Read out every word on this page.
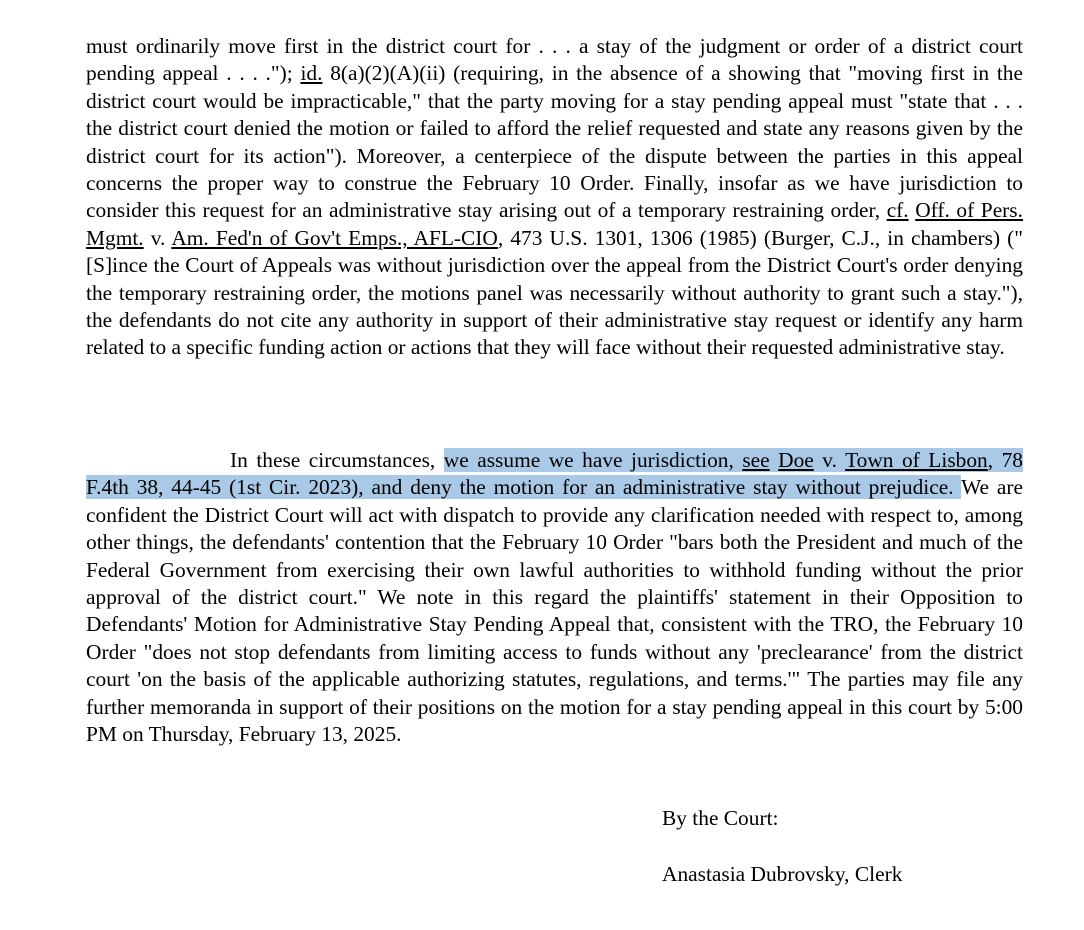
must ordinarily move first in the district court for . . . a stay of the judgment or order of a district court pending appeal . . . ."); id. 8(a)(2)(A)(ii) (requiring, in the absence of a showing that "moving first in the district court would be impracticable," that the party moving for a stay pending appeal must "state that . . . the district court denied the motion or failed to afford the relief requested and state any reasons given by the district court for its action"). Moreover, a centerpiece of the dispute between the parties in this appeal concerns the proper way to construe the February 10 Order. Finally, insofar as we have jurisdiction to consider this request for an administrative stay arising out of a temporary restraining order, cf. Off. of Pers. Mgmt. v. Am. Fed'n of Gov't Emps., AFL-CIO, 473 U.S. 1301, 1306 (1985) (Burger, C.J., in chambers) ("[S]ince the Court of Appeals was without jurisdiction over the appeal from the District Court's order denying the temporary restraining order, the motions panel was necessarily without authority to grant such a stay."), the defendants do not cite any authority in support of their administrative stay request or identify any harm related to a specific funding action or actions that they will face without their requested administrative stay.
In these circumstances, we assume we have jurisdiction, see Doe v. Town of Lisbon, 78 F.4th 38, 44-45 (1st Cir. 2023), and deny the motion for an administrative stay without prejudice. We are confident the District Court will act with dispatch to provide any clarification needed with respect to, among other things, the defendants' contention that the February 10 Order "bars both the President and much of the Federal Government from exercising their own lawful authorities to withhold funding without the prior approval of the district court." We note in this regard the plaintiffs' statement in their Opposition to Defendants' Motion for Administrative Stay Pending Appeal that, consistent with the TRO, the February 10 Order "does not stop defendants from limiting access to funds without any 'preclearance' from the district court 'on the basis of the applicable authorizing statutes, regulations, and terms.'" The parties may file any further memoranda in support of their positions on the motion for a stay pending appeal in this court by 5:00 PM on Thursday, February 13, 2025.
By the Court:
Anastasia Dubrovsky, Clerk
